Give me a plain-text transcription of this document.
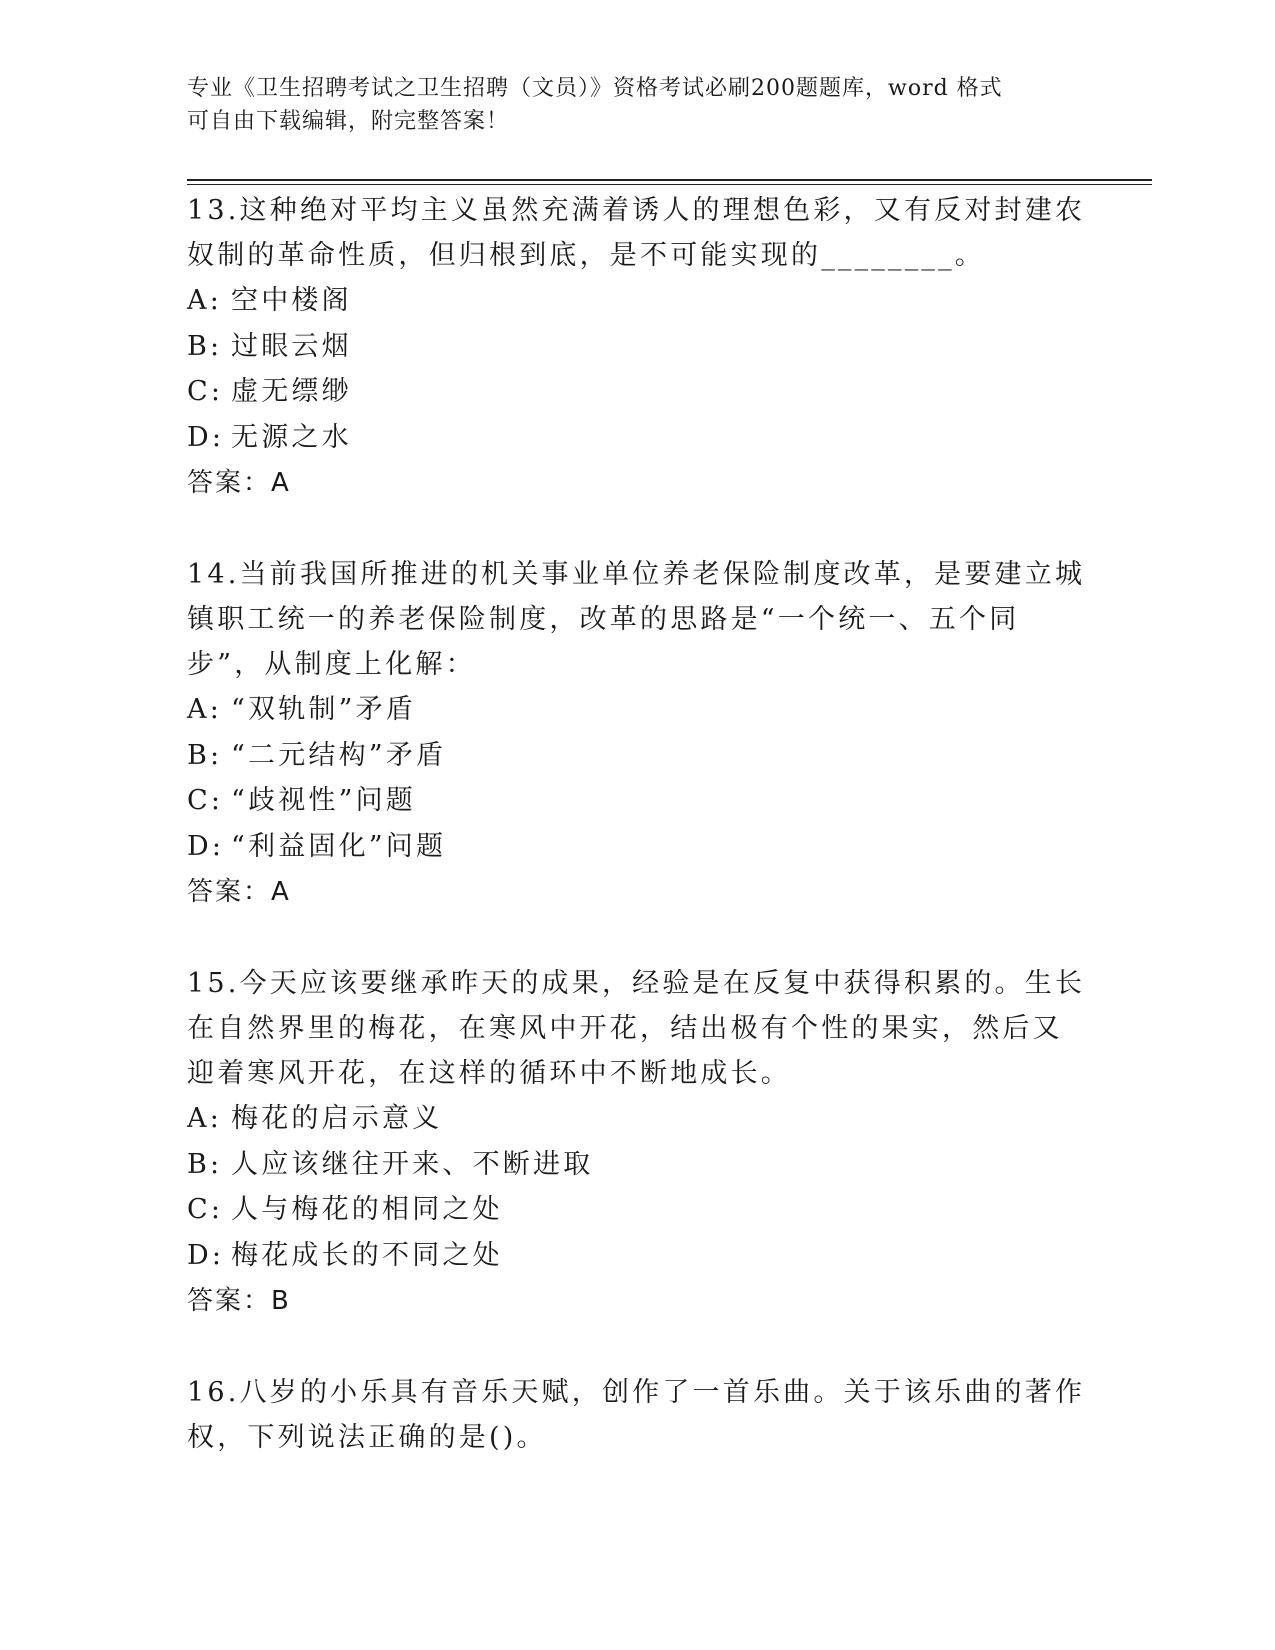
专业《卫生招聘考试之卫生招聘（文员）》资格考试必刷200题题库，word 格式
可自由下载编辑，附完整答案！

13.这种绝对平均主义虽然充满着诱人的理想色彩，又有反对封建农奴制的革命性质，但归根到底，是不可能实现的________。

A: 空中楼阁

B: 过眼云烟

C: 虚无缥缈

D: 无源之水

答案：A

14.当前我国所推进的机关事业单位养老保险制度改革，是要建立城镇职工统一的养老保险制度，改革的思路是“一个统一、五个同步”，从制度上化解：

A: “双轨制”矛盾

B: “二元结构”矛盾

C: “歧视性”问题

D: “利益固化”问题

答案：A

15.今天应该要继承昨天的成果，经验是在反复中获得积累的。生长在自然界里的梅花，在寒风中开花，结出极有个性的果实，然后又迎着寒风开花，在这样的循环中不断地成长。

A: 梅花的启示意义

B: 人应该继往开来、不断进取

C: 人与梅花的相同之处

D: 梅花成长的不同之处

答案：B

16.八岁的小乐具有音乐天赋，创作了一首乐曲。关于该乐曲的著作权，下列说法正确的是()。
